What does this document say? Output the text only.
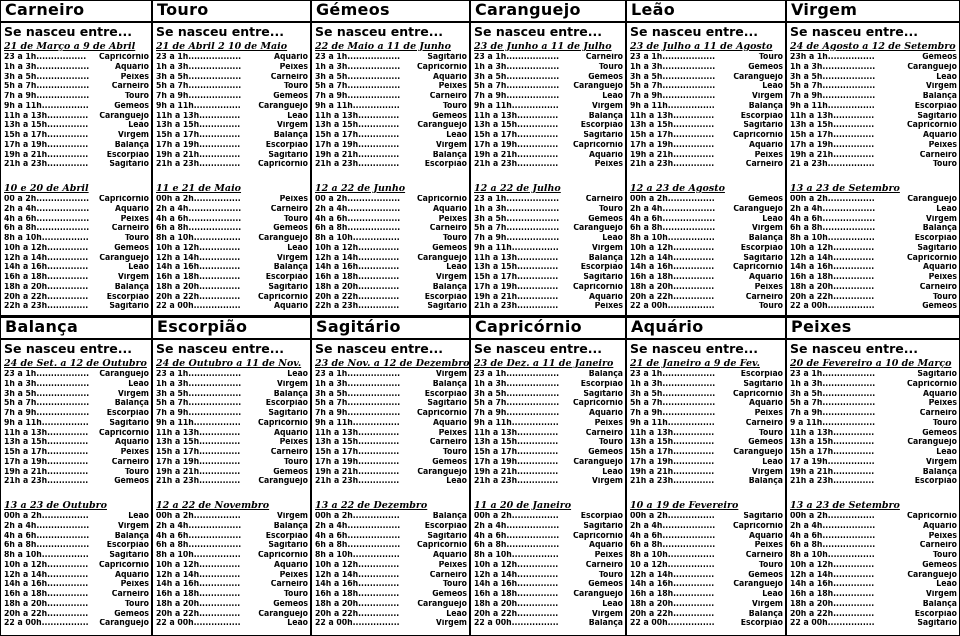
Carneiro
Se nasceu entre...
21 de Março a 9 de Abril
23 a 1h................. Capricórnio
1h a 3h..................	Aquário
3h a 5h..................	Peixes
5h a 7h..................	Carneiro
7h a 9h..................	Touro
9h a 11h................	Gémeos
11h a 13h.............. Caranguejo
13h a 15h..............	Leão
15h a 17h..............	Virgem
17h a 19h..............	Balança
19h a 21h.............. Escorpião
21h a 23h.............. Sagitário
10 e 20 de Abril
00 a 2h.................. Capricórnio
2h a 4h..................	Aquário
4h a 6h..................	Peixes
6h a 8h..................	Carneiro
8h a 10h................	Touro
10h a 12h..............	Gémeos
12h a 14h.............. Caranguejo
14h a 16h..............	Leão
16h a 18h..............	Virgem
18h a 20h..............	Balança
20h a 22h.............. Escorpião
22h a 23h.............. Sagitário
Touro
Se nasceu entre...
21 de Abril 2 10 de Maio
23 a 1h..................	Aquário
1h a 3h..................	Peixes
3h a 5h..................	Carneiro
5h a 7h..................	Touro
7h a 9h..................	Gémeos
9h a 11h................ Caranguejo
11h a 13h..............	Leão
13h a 15h..............	Virgem
15h a 17h..............	Balança
17h a 19h..............	Escorpião
19h a 21h..............	Sagitário
21h a 23h.............. Capricórnio
11 e 21 de Maio
00h a 2h................	Peixes
2h a 4h..................	Carneiro
4h a 6h..................	Touro
6h a 8h..................	Gémeos
8h a 10h................ Caranguejo
10h a 12h..............	Leão
12h a 14h..............	Virgem
14h a 16h..............	Balança
16h a 18h..............	Escorpião
18h a 20h..............	Sagitário
20h a 22h.............. Capricórnio
22 a 00h................	Aquário
Gémeos
Se nasceu entre...
22 de Maio a 11 de Junho
23 a 1h..................	Sagitário
1h a 3h.................. Capricórnio
3h a 5h..................	Aquário
5h a 7h..................	Peixes
7h a 9h..................	Carneiro
9h a 11h................	Touro
11h a 13h..............	Gémeos
13h a 15h.............. Caranguejo
15h a 17h..............	Leão
17h a 19h..............	Virgem
19h a 21h..............	Balança
21h a 23h..............	Escorpião
12 a 22 de Junho
00 a 2h.................. Capricórnio
2h a 4h..................	Aquário
4h a 6h..................	Peixes
6h a 8h..................	Carneiro
8h a 10h................	Touro
10h a 12h..............	Gémeos
12h a 14h.............. Caranguejo
14h a 16h..............	Leão
16h a 18h..............	Virgem
18h a 20h..............	Balança
20h a 22h..............	Escorpião
22h a 23h..............	Sagitário
Caranguejo
Se nasceu entre...
23 de Junho a 11 de Julho
23 a 1h..................	Carneiro
1h a 3h..................	Touro
3h a 5h..................	Gémeos
5h a 7h.................. Caranguejo
7h a 9h..................	Leão
9h a 11h................	Virgem
11h a 13h..............	Balança
13h a 15h..............	Escorpião
15h a 17h..............	Sagitário
17h a 19h.............. Capricórnio
19h a 21h..............	Aquário
21h a 23h..............	Peixes
12 a 22 de Julho
23 a 1h..................	Carneiro
1h a 3h..................	Touro
3h a 5h..................	Gémeos
5h a 7h.................. Caranguejo
7h a 9h..................	Leão
9h a 11h................	Virgem
11h a 13h..............	Balança
13h a 15h..............	Escorpião
15h a 17h..............	Sagitário
17h a 19h.............. Capricórnio
19h a 21h..............	Aquário
21h a 23h..............	Peixes
Leão
Se nasceu entre...
23 de Julho a 11 de Agosto
23 a 1h..................	Touro
1h a 3h..................	Gémeos
3h a 5h.................. Caranguejo
5h a 7h..................	Leão
7h a 9h..................	Virgem
9h a 11h................	Balança
11h a 13h..............	Escorpião
13h a 15h..............	Sagitário
15h a 17h.............. Capricórnio
17h a 19h..............	Aquário
19h a 21h..............	Peixes
21h a 23h..............	Carneiro
12 a 23 de Agosto
00h a 2h................	Gémeos
2h a 4h.................. Caranguejo
4h a 6h..................	Leão
6h a 8h..................	Virgem
8h a 10h................	Balança
10h a 12h..............	Escorpião
12h a 14h..............	Sagitário
14h a 16h.............. Capricórnio
16h a 18h..............	Aquário
18h a 20h..............	Peixes
20h a 22h..............	Carneiro
22 a 00h................	Touro
Virgem
Se nasceu entre...
24 de Agosto a 12 de Setembro
23h a 1h................	Gémeos
1h a 3h..................	Caranguejo
3h a 5h..................	Leão
5h a 7h..................	Virgem
7h a 9h..................	Balança
9h a 11h................	Escorpião
11h a 13h..............	Sagitário
13h a 15h..............	Capricórnio
15h a 17h..............	Aquário
17h a 19h..............	Peixes
19h a 21h..............	Carneiro
21 a 23h................	Touro
13 a 23 de Setembro
00h a 2h................	Caranguejo
2h a 4h..................	Leão
4h a 6h..................	Virgem
6h a 8h..................	Balança
8h a 10h................	Escorpião
10h a 12h..............	Sagitário
12h a 14h..............	Capricórnio
14h a 16h..............	Aquário
16h a 18h..............	Peixes
18h a 20h..............	Carneiro
20h a 22h..............	Touro
22 a 00h................	Gémeos
Balança
Se nasceu entre...
24 de Set. a 12 de Outubro
23 a 1h.................. Caranguejo
1h a 3h..................	Leão
3h a 5h..................	Virgem
5h a 7h..................	Balança
7h a 9h.................. Escorpião
9h a 11h................ Sagitário
11h a 13h.............. Capricórnio
13h a 15h..............	Aquário
15h a 17h..............	Peixes
17h a 19h..............	Carneiro
19h a 21h..............	Touro
21h a 23h..............	Gémeos
13 a 23 de Outubro
00h a 2h................	Leão
2h a 4h..................	Virgem
4h a 6h..................	Balança
6h a 8h.................. Escorpião
8h a 10h................ Sagitário
10h a 12h.............. Capricórnio
12h a 14h..............	Aquário
14h a 16h..............	Peixes
16h a 18h..............	Carneiro
18h a 20h..............	Touro
20h a 22h..............	Gémeos
22 a 00h................ Caranguejo
Escorpião
Se nasceu entre...
24 de Outubro a 11 de Nov.
23 a 1h..................	Leão
1h a 3h..................	Virgem
3h a 5h..................	Balança
5h a 7h..................	Escorpião
7h a 9h..................	Sagitário
9h a 11h................ Capricórnio
11h a 13h..............	Aquário
13h a 15h..............	Peixes
15h a 17h..............	Carneiro
17h a 19h..............	Touro
19h a 21h..............	Gémeos
21h a 23h.............. Caranguejo
12 a 22 de Novembro
00h a 2h................	Virgem
2h a 4h..................	Balança
4h a 6h..................	Escorpião
6h a 8h..................	Sagitário
8h a 10h................ Capricórnio
10h a 12h..............	Aquário
12h a 14h..............	Peixes
14h a 16h..............	Carneiro
16h a 18h..............	Touro
18h a 20h..............	Gémeos
20h a 22h.............. Caranguejo
22 a 00h................	Leão
Sagitário
Se nasceu entre...
23 de Nov. a 12 de Dezembro
23 a 1h..................	Virgem
1h a 3h..................	Balança
3h a 5h..................	Escorpião
5h a 7h..................	Sagitário
7h a 9h.................. Capricórnio
9h a 11h................	Aquário
11h a 13h..............	Peixes
13h a 15h..............	Carneiro
15h a 17h..............	Touro
17h a 19h..............	Gémeos
19h a 21h.............. Caranguejo
21h a 23h..............	Leão
13 a 22 de Dezembro
00h a 2h................	Balança
2h a 4h..................	Escorpião
4h a 6h..................	Sagitário
6h a 8h.................. Capricórnio
8h a 10h................	Aquário
10h a 12h..............	Peixes
12h a 14h..............	Carneiro
14h a 16h..............	Touro
16h a 18h..............	Gémeos
18h a 20h.............. Caranguejo
20h a 22h..............	Leão
22 a 00h................	Virgem
Capricórnio
Se nasceu entre...
23 de Dez. a 11 de Janeiro
23 a 1h..................	Balança
1h a 3h.................. Escorpião
3h a 5h..................	Sagitário
5h a 7h.................. Capricórnio
7h a 9h..................	Aquário
9h a 11h................	Peixes
11h a 13h..............	Carneiro
13h a 15h..............	Touro
15h a 17h..............	Gémeos
17h a 19h.............. Caranguejo
19h a 21h..............	Leão
21h a 23h..............	Virgem
11 a 20 de Janeiro
00h a 2h................	Escorpião
2h a 4h..................	Sagitário
4h a 6h.................. Capricórnio
6h a 8h..................	Aquário
8h a 10h................	Peixes
10h a 12h..............	Carneiro
12h a 14h..............	Touro
14h a 16h..............	Gémeos
16h a 18h.............. Caranguejo
18h a 20h..............	Leão
20h a 22h..............	Virgem
22 a 00h................	Balança
Aquário
Se nasceu entre...
21 de Janeiro a 9 de Fev.
23 a 1h..................	Escorpião
1h a 3h..................	Sagitário
3h a 5h.................. Capricórnio
5h a 7h..................	Aquário
7h a 9h..................	Peixes
9h a 11h................	Carneiro
11h a 13h..............	Touro
13h a 15h..............	Gémeos
15h a 17h.............. Caranguejo
17h a 19h..............	Leão
19h a 21h..............	Virgem
21h a 23h..............	Balança
10 a 19 de Fevereiro
00h a 2h................	Sagitário
2h a 4h.................. Capricórnio
4h a 6h..................	Aquário
6h a 8h..................	Peixes
8h a 10h................	Carneiro
10 a 12h................	Touro
12h a 14h..............	Gémeos
14h a 16h.............. Caranguejo
16h a 18h..............	Leão
18h a 20h..............	Virgem
20h a 22h..............	Balança
22 a 00h................	Escorpião
Peixes
Se nasceu entre...
20 de Fevereiro a 10 de Março
23 a 1h..................	Sagitário
1h a 3h..................	Capricórnio
3h a 5h..................	Aquário
5h a 7h..................	Peixes
7h a 9h..................	Carneiro
9 a 11h..................	Touro
11h a 13h..............	Gémeos
13h a 15h..............	Caranguejo
15h a 17h..............	Leão
17 a 19h................	Virgem
19h a 21h..............	Balança
21h a 23h..............	Escorpião
13 a 23 de Setembro
00h a 2h................	Capricórnio
2h a 4h..................	Aquário
4h a 6h..................	Peixes
6h a 8h..................	Carneiro
8h a 10h................	Touro
10h a 12h..............	Gémeos
12h a 14h..............	Caranguejo
14h a 16h..............	Leão
16h a 18h..............	Virgem
18h a 20h..............	Balança
20h a 22h..............	Escorpião
22 a 00h................	Sagitário
